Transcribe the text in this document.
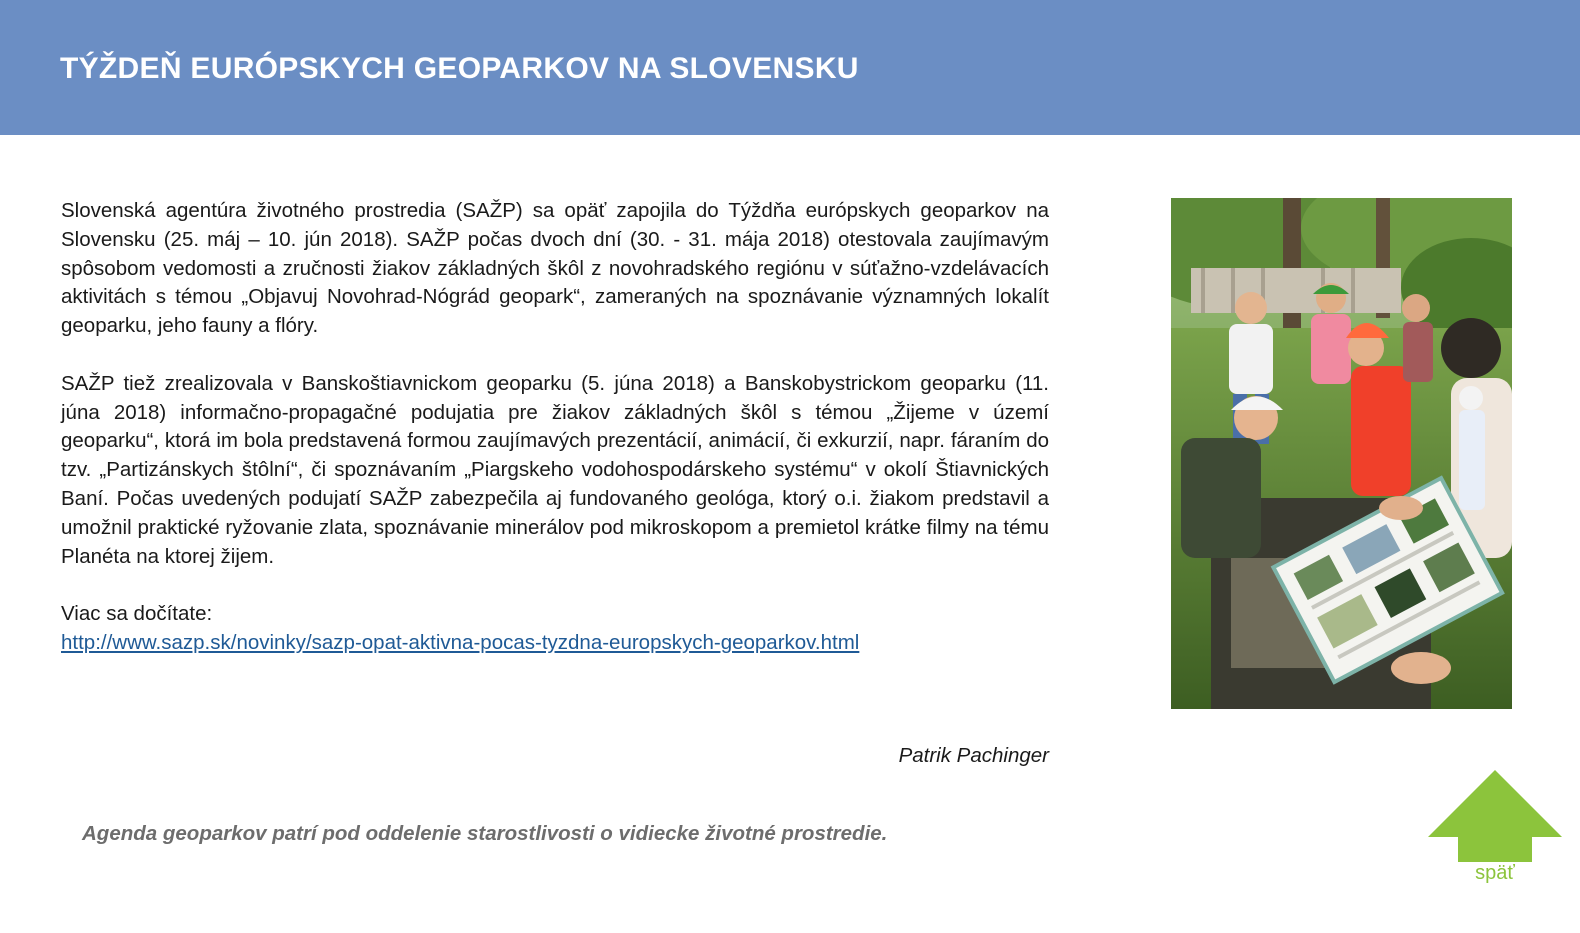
TÝŽDEŇ EURÓPSKYCH GEOPARKOV NA SLOVENSKU

Slovenská agentúra životného prostredia (SAŽP) sa opäť zapojila do Týždňa európskych geoparkov na Slovensku (25. máj – 10. jún 2018). SAŽP počas dvoch dní (30. - 31. mája 2018) otestovala zaujímavým spôsobom vedomosti a zručnosti žiakov základných škôl z novohradského regiónu v súťažno-vzdelávacích aktivitách s témou „Objavuj Novohrad-Nógrád geopark“, zameraných na spoznávanie významných lokalít geoparku, jeho fauny a flóry.

SAŽP tiež zrealizovala v Banskoštiavnickom geoparku (5. júna 2018) a Banskobystrickom geoparku (11. júna 2018) informačno-propagačné podujatia pre žiakov základných škôl s témou „Žijeme v území geoparku“, ktorá im bola predstavená formou zaujímavých prezentácií, animácií, či exkurzií, napr. fáraním do tzv. „Partizánskych štôlní“, či spoznávaním „Piargskeho vodohospodárskeho systému“ v okolí Štiavnických Baní. Počas uvedených podujatí SAŽP zabezpečila aj fundovaného geológa, ktorý o.i. žiakom predstavil a umožnil praktické ryžovanie zlata, spoznávanie minerálov pod mikroskopom a premietol krátke filmy na tému Planéta na ktorej žijem.

Viac sa dočítate:
http://www.sazp.sk/novinky/sazp-opat-aktivna-pocas-tyzdna-europskych-geoparkov.html
Patrik Pachinger
Agenda geoparkov patrí pod oddelenie starostlivosti o vidiecke životné prostredie.
späť
